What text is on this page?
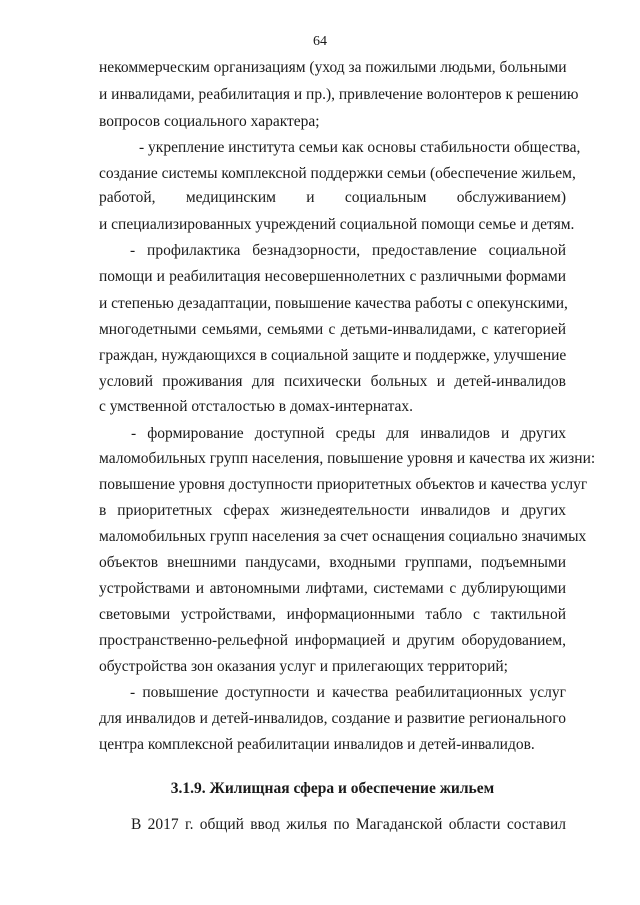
64
некоммерческим организациям (уход за пожилыми людьми, больными
и инвалидами, реабилитация и пр.), привлечение волонтеров к решению
вопросов социального характера;
- укрепление института семьи как основы стабильности общества,
создание системы комплексной поддержки семьи (обеспечение жильем,
работой, медицинским и социальным обслуживанием)
и специализированных учреждений социальной помощи семье и детям.
- профилактика безнадзорности, предоставление социальной
помощи и реабилитация несовершеннолетних с различными формами
и степенью дезадаптации, повышение качества работы с опекунскими,
многодетными семьями, семьями с детьми-инвалидами, с категорией
граждан, нуждающихся в социальной защите и поддержке, улучшение
условий проживания для психически больных и детей-инвалидов
с умственной отсталостью в домах-интернатах.
- формирование доступной среды для инвалидов и других
маломобильных групп населения, повышение уровня и качества их жизни:
повышение уровня доступности приоритетных объектов и качества услуг
в приоритетных сферах жизнедеятельности инвалидов и других
маломобильных групп населения за счет оснащения социально значимых
объектов внешними пандусами, входными группами, подъемными
устройствами и автономными лифтами, системами с дублирующими
световыми устройствами, информационными табло с тактильной
пространственно-рельефной информацией и другим оборудованием,
обустройства зон оказания услуг и прилегающих территорий;
- повышение доступности и качества реабилитационных услуг
для инвалидов и детей-инвалидов, создание и развитие регионального
центра комплексной реабилитации инвалидов и детей-инвалидов.
3.1.9. Жилищная сфера и обеспечение жильем
В 2017 г. общий ввод жилья по Магаданской области составил
